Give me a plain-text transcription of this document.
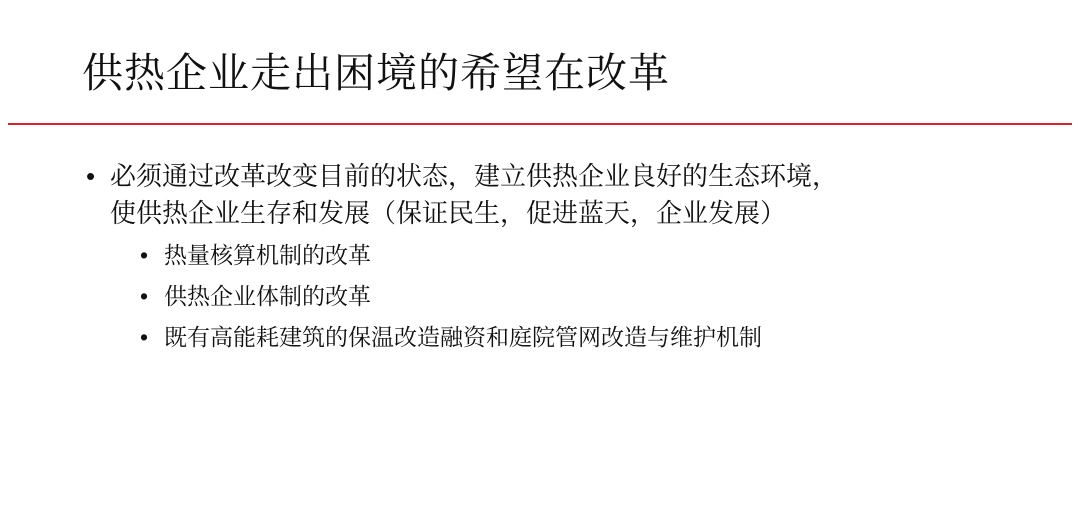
供热企业走出困境的希望在改革
• 必须通过改革改变目前的状态，建立供热企业良好的生态环境，
使供热企业生存和发展（保证民生，促进蓝天，企业发展）
• 热量核算机制的改革
• 供热企业体制的改革
• 既有高能耗建筑的保温改造融资和庭院管网改造与维护机制
